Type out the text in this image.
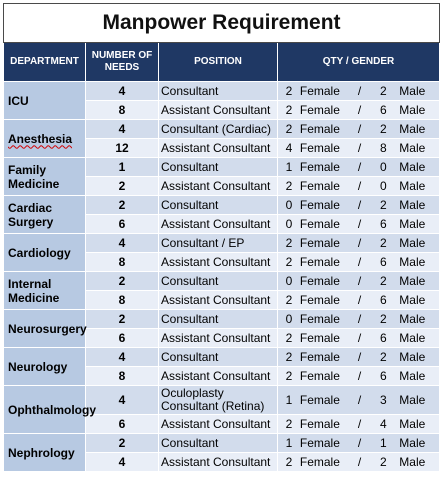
Manpower Requirement			
DEPARTMENT	NUMBER OF NEEDS	POSITION	QTY / GENDER
ICU	4	Consultant	2 Female / 2 Male

	8	Assistant Consultant	2 Female / 6 Male

Anesthesia	4	Consultant (Cardiac)	2 Female / 2 Male

	12	Assistant Consultant	4 Female / 8 Male

Family Medicine	1	Consultant	1 Female / 0 Male

	2	Assistant Consultant	2 Female / 0 Male

Cardiac Surgery	2	Consultant	0 Female / 2 Male

	6	Assistant Consultant	0 Female / 6 Male

Cardiology	4	Consultant / EP	2 Female / 2 Male

	8	Assistant Consultant	2 Female / 6 Male

Internal Medicine	2	Consultant	0 Female / 2 Male

	8	Assistant Consultant	2 Female / 6 Male

Neurosurgery	2	Consultant	0 Female / 2 Male

	6	Assistant Consultant	2 Female / 6 Male

Neurology	4	Consultant	2 Female / 2 Male

	8	Assistant Consultant	2 Female / 6 Male

Ophthalmology	4	Oculoplasty Consultant (Retina)	1 Female / 3 Male

	6	Assistant Consultant	2 Female / 4 Male

Nephrology	2	Consultant	1 Female / 1 Male

	4	Assistant Consultant	2 Female / 2 Male
